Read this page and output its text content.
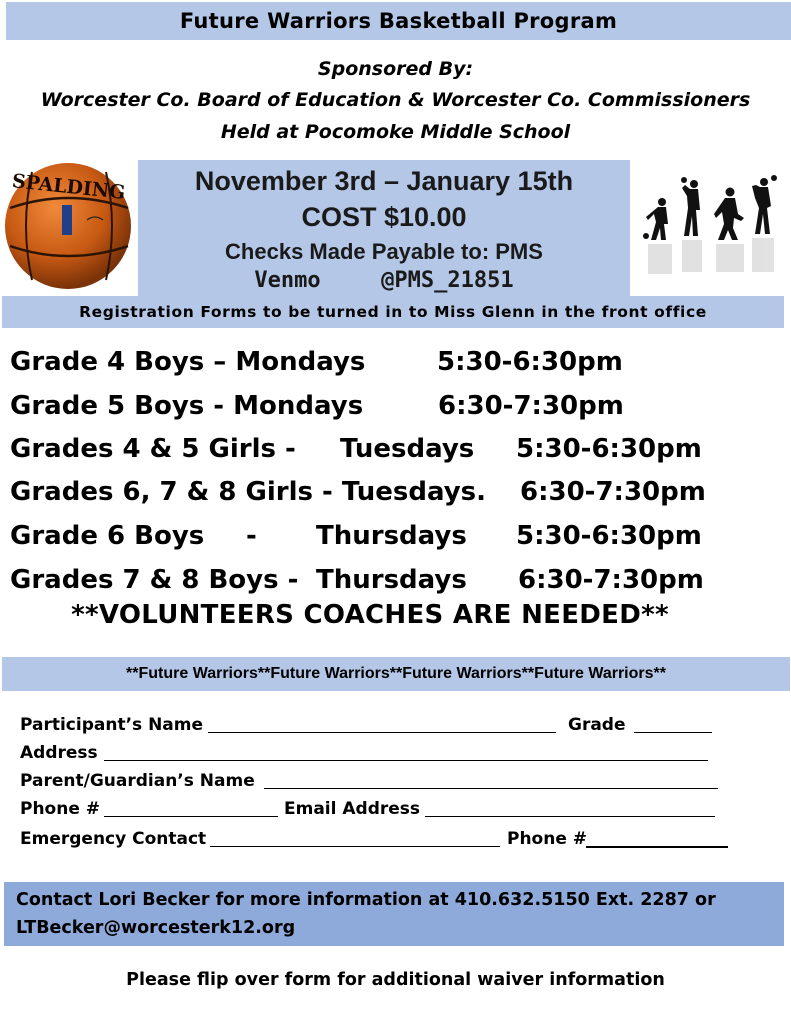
Future Warriors Basketball Program
Sponsored By:
Worcester Co. Board of Education & Worcester Co. Commissioners
Held at Pocomoke Middle School
SPALDING	November 3rd – January 15th
COST $10.00
Checks Made Payable to: PMS
Venmo	@PMS_21851
Registration Forms to be turned in to Miss Glenn in the front office
Grade 4 Boys – Mondays	5:30-6:30pm
Grade 5 Boys - Mondays	6:30-7:30pm
Grades 4 & 5 Girls - Tuesdays 5:30-6:30pm
Grades 6, 7 & 8 Girls - Tuesdays. 6:30-7:30pm
Grade 6 Boys - Thursdays 5:30-6:30pm
Grades 7 & 8 Boys - Thursdays 6:30-7:30pm
**VOLUNTEERS COACHES ARE NEEDED**
**Future Warriors**Future Warriors**Future Warriors**Future Warriors**
Participant’s Name	Grade
Address
Parent/Guardian’s Name
Phone #	Email Address
Emergency Contact	Phone #
Contact Lori Becker for more information at 410.632.5150 Ext. 2287 or
LTBecker@worcesterk12.org
Please flip over form for additional waiver information
